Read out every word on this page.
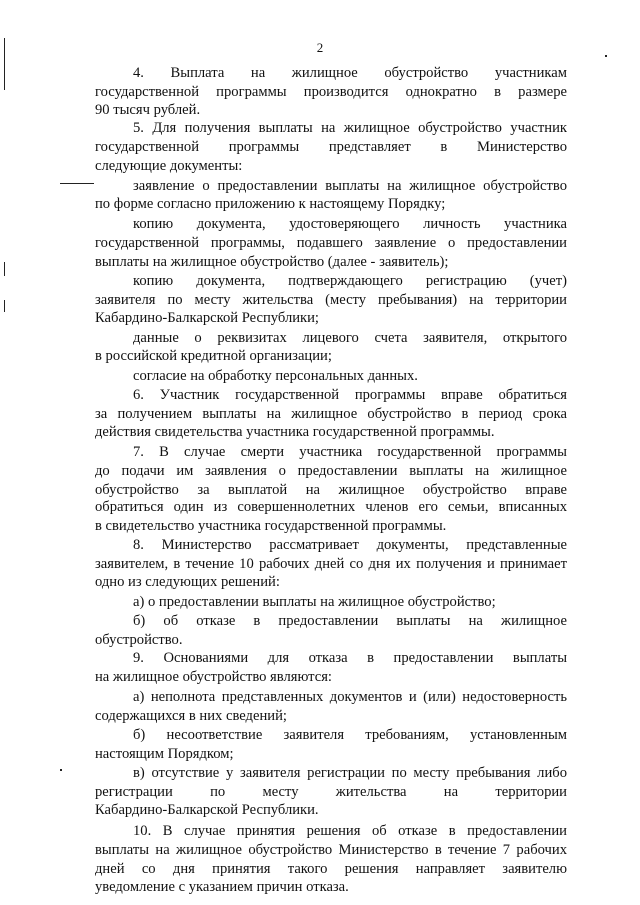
2
4. Выплата на жилищное обустройство участникам
государственной программы производится однократно в размере
90 тысяч рублей.
5. Для получения выплаты на жилищное обустройство участник
государственной программы представляет в Министерство
следующие документы:
заявление о предоставлении выплаты на жилищное обустройство
по форме согласно приложению к настоящему Порядку;
копию документа, удостоверяющего личность участника
государственной программы, подавшего заявление о предоставлении
выплаты на жилищное обустройство (далее - заявитель);
копию документа, подтверждающего регистрацию (учет)
заявителя по месту жительства (месту пребывания) на территории
Кабардино-Балкарской Республики;
данные о реквизитах лицевого счета заявителя, открытого
в российской кредитной организации;
согласие на обработку персональных данных.
6. Участник государственной программы вправе обратиться
за получением выплаты на жилищное обустройство в период срока
действия свидетельства участника государственной программы.
7. В случае смерти участника государственной программы
до подачи им заявления о предоставлении выплаты на жилищное
обустройство за выплатой на жилищное обустройство вправе
обратиться один из совершеннолетних членов его семьи, вписанных
в свидетельство участника государственной программы.
8. Министерство рассматривает документы, представленные
заявителем, в течение 10 рабочих дней со дня их получения и принимает
одно из следующих решений:
а) о предоставлении выплаты на жилищное обустройство;
б) об отказе в предоставлении выплаты на жилищное
обустройство.
9. Основаниями для отказа в предоставлении выплаты
на жилищное обустройство являются:
а) неполнота представленных документов и (или) недостоверность
содержащихся в них сведений;
б) несоответствие заявителя требованиям, установленным
настоящим Порядком;
в) отсутствие у заявителя регистрации по месту пребывания либо
регистрации по месту жительства на территории
Кабардино-Балкарской Республики.
10. В случае принятия решения об отказе в предоставлении
выплаты на жилищное обустройство Министерство в течение 7 рабочих
дней со дня принятия такого решения направляет заявителю
уведомление с указанием причин отказа.
